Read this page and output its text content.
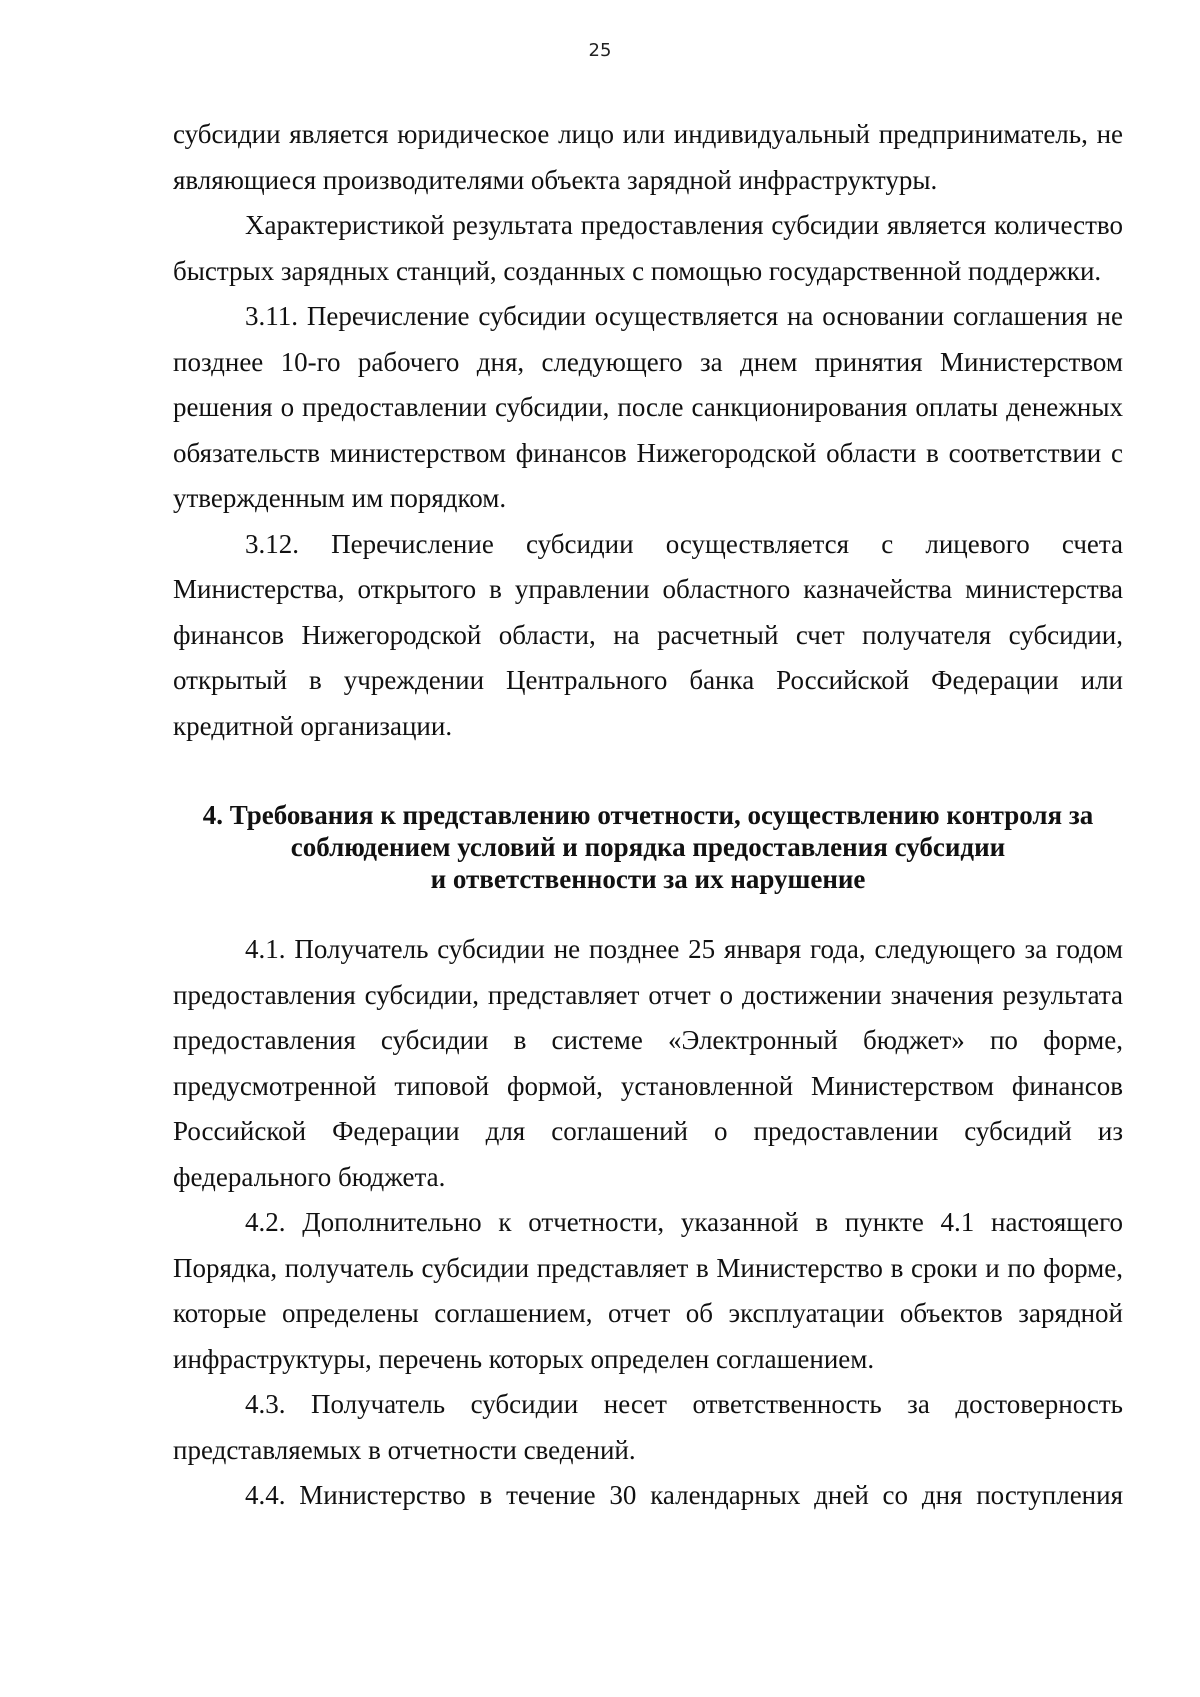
25

субсидии является юридическое лицо или индивидуальный предприниматель, не являющиеся производителями объекта зарядной инфраструктуры.

Характеристикой результата предоставления субсидии является количество быстрых зарядных станций, созданных с помощью государственной поддержки.

3.11. Перечисление субсидии осуществляется на основании соглашения не позднее 10-го рабочего дня, следующего за днем принятия Министерством решения о предоставлении субсидии, после санкционирования оплаты денежных обязательств министерством финансов Нижегородской области в соответствии с утвержденным им порядком.

3.12. Перечисление субсидии осуществляется с лицевого счета Министерства, открытого в управлении областного казначейства министерства финансов Нижегородской области, на расчетный счет получателя субсидии, открытый в учреждении Центрального банка Российской Федерации или кредитной организации.

4. Требования к представлению отчетности, осуществлению контроля за
соблюдением условий и порядка предоставления субсидии
и ответственности за их нарушение

4.1. Получатель субсидии не позднее 25 января года, следующего за годом предоставления субсидии, представляет отчет о достижении значения результата предоставления субсидии в системе «Электронный бюджет» по форме, предусмотренной типовой формой, установленной Министерством финансов Российской Федерации для соглашений о предоставлении субсидий из федерального бюджета.

4.2. Дополнительно к отчетности, указанной в пункте 4.1 настоящего Порядка, получатель субсидии представляет в Министерство в сроки и по форме, которые определены соглашением, отчет об эксплуатации объектов зарядной инфраструктуры, перечень которых определен соглашением.

4.3. Получатель субсидии несет ответственность за достоверность представляемых в отчетности сведений.

4.4. Министерство в течение 30 календарных дней со дня поступления
